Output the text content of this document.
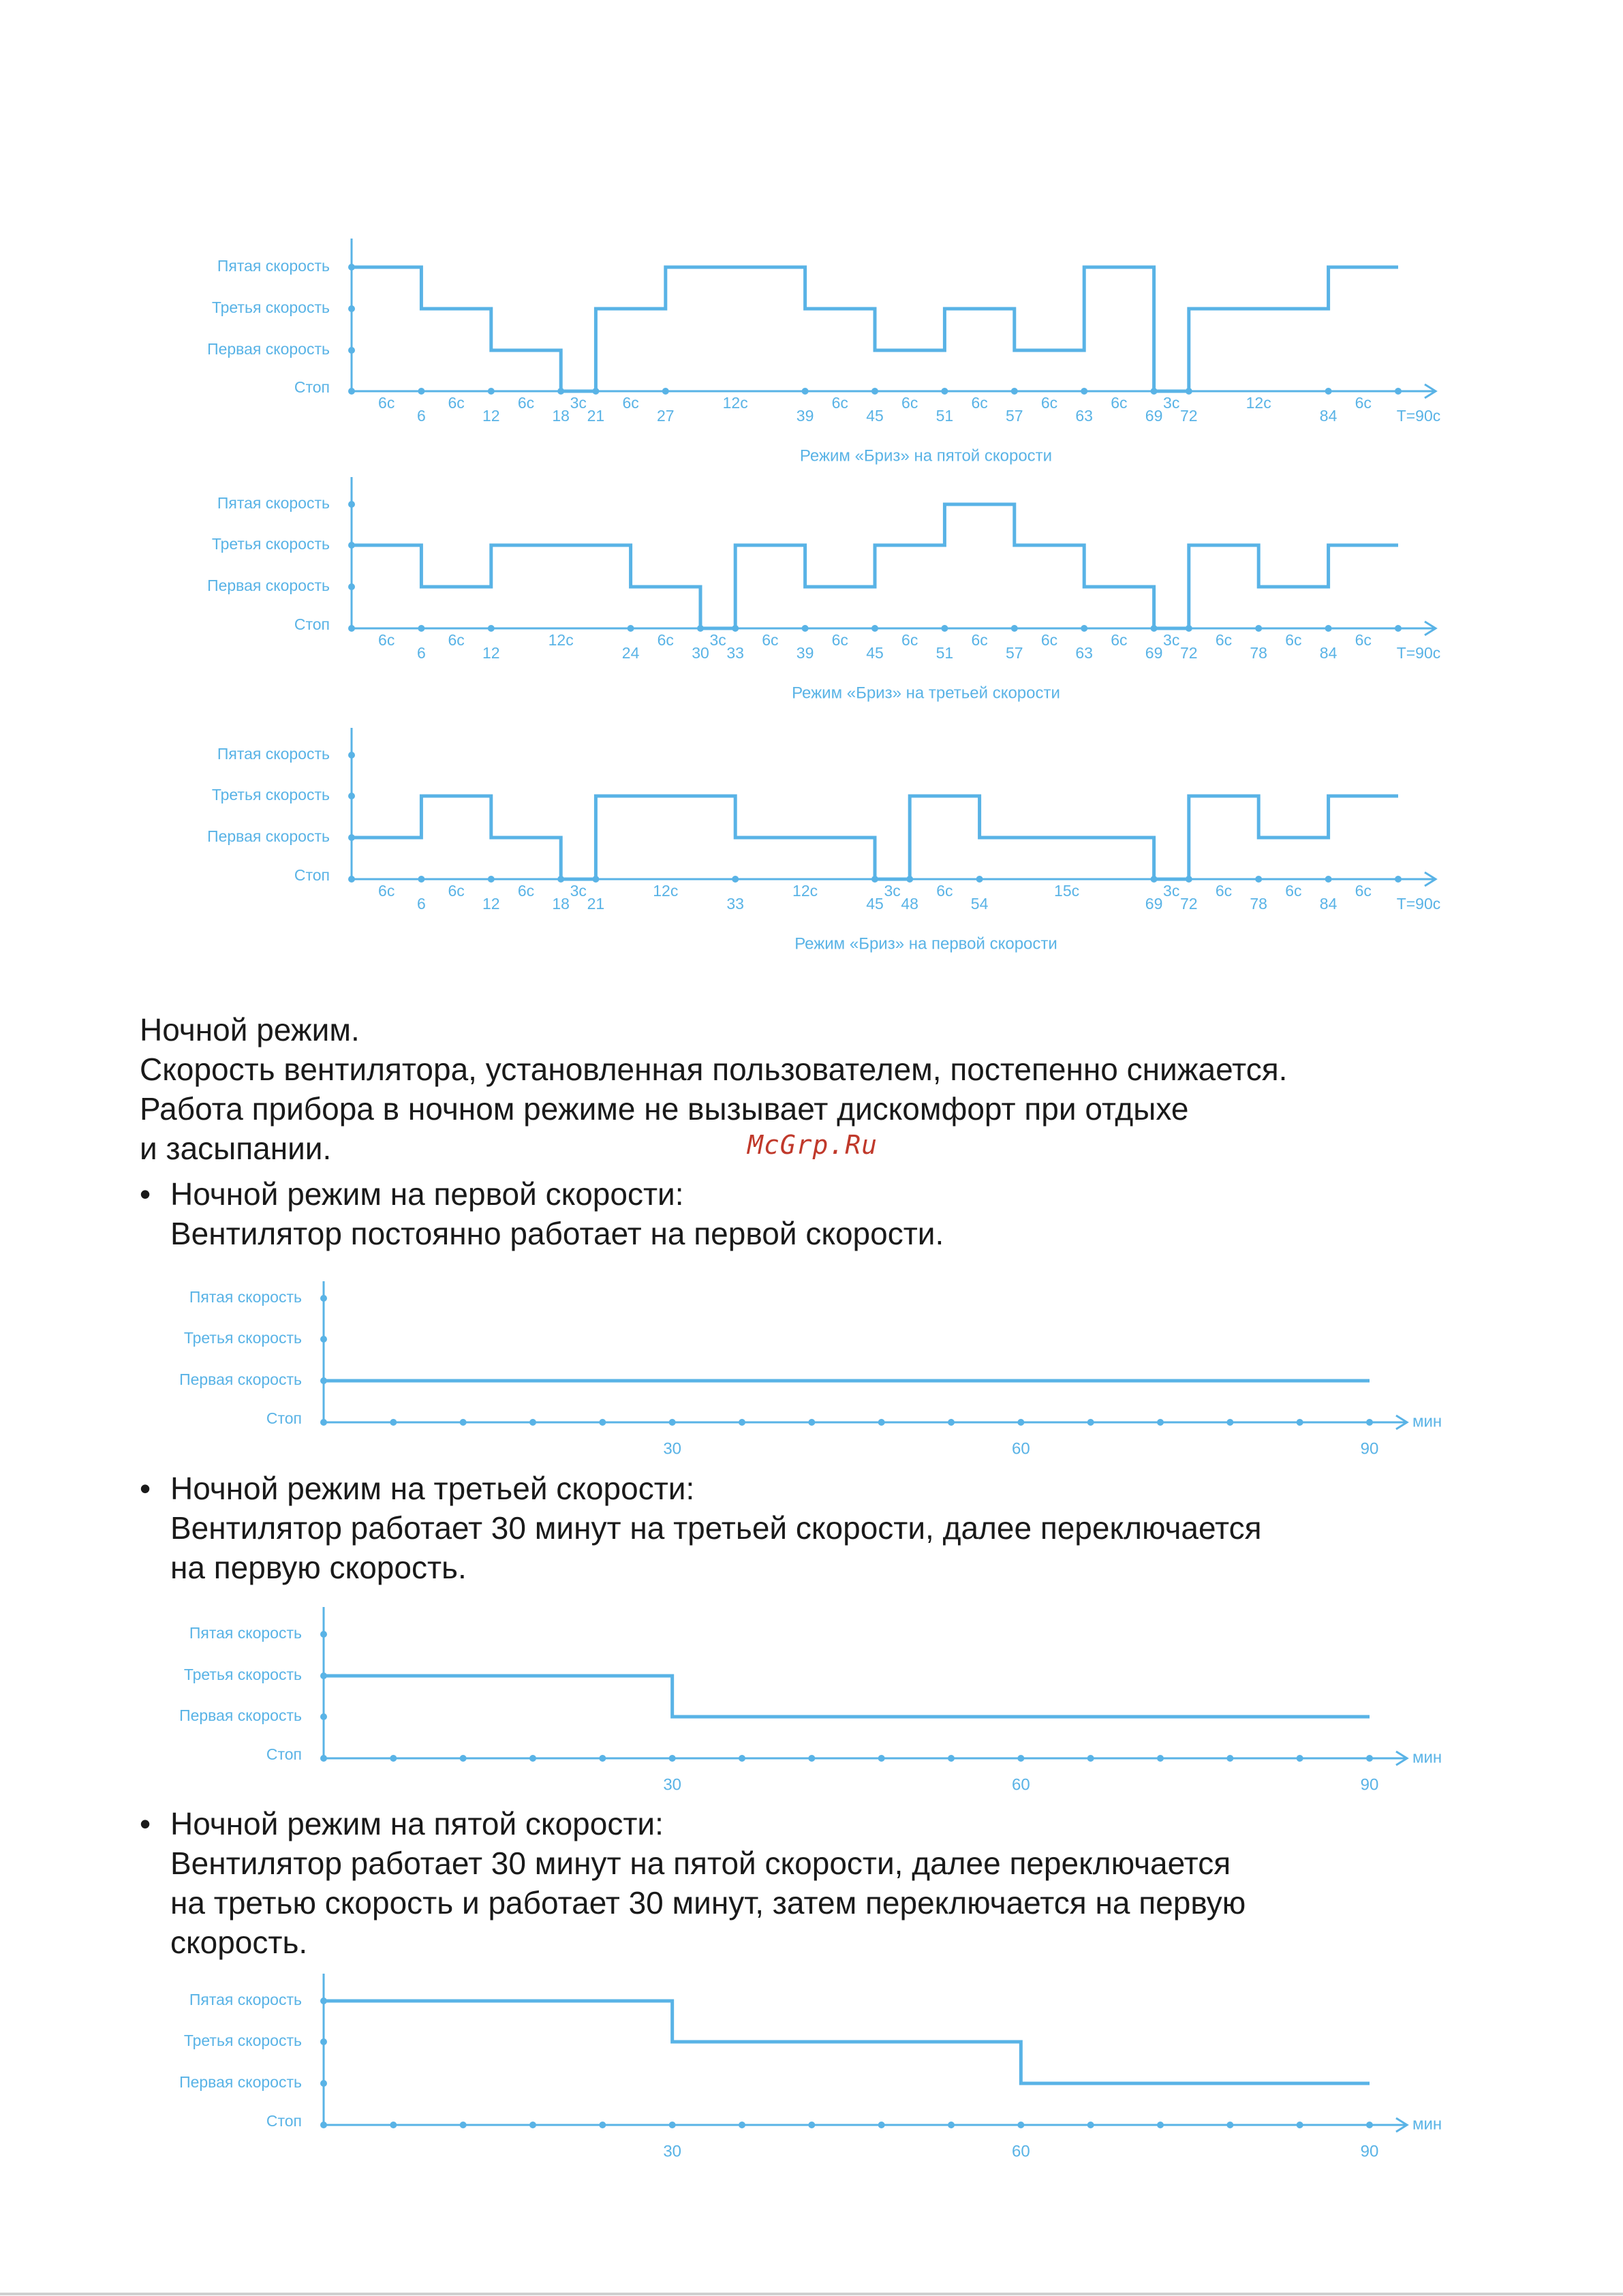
Стоп
Первая скорость
Третья скорость
Пятая скорость
6	12	18 21	27	39	45	51	57	63	69 72	84	Т=90с
6с	6с	6с 3с 6с	12с	6с	6с	6с	6с	6с 3с	12с	6с
Режим «Бриз» на пятой скорости
Стоп
Первая скорость
Третья скорость
Пятая скорость
6	12	24	30 33	39	45	51	57	63	69 72	78	84	Т=90с
6с	6с	12с	6с 3с 6с	6с	6с	6с	6с	6с 3с 6с	6с	6с
Режим «Бриз» на третьей скорости
Стоп
Первая скорость
Третья скорость
Пятая скорость
6	12	18 21	33	45 48	54	69 72	78	84	Т=90с
6с	6с	6с 3с	12с	12с	3с 6с	15с	3с 6с	6с	6с
Режим «Бриз» на первой скорости
Стоп
Первая скорость
Третья скорость
Пятая скорость
30	60	90
мин
Стоп
Первая скорость
Третья скорость
Пятая скорость
30	60	90
мин
Стоп
Первая скорость
Третья скорость
Пятая скорость
30	60	90
мин

Ночной режим.

Скорость вентилятора, установленная пользователем, постепенно снижается.

Работа прибора в ночном режиме не вызывает дискомфорт при отдыхе

и засыпании.	McGrp.Ru
• Ночной режим на первой скорости:

Вентилятор постоянно работает на первой скорости.

• Ночной режим на третьей скорости:

Вентилятор работает 30 минут на третьей скорости, далее переключается

на первую скорость.

• Ночной режим на пятой скорости:

Вентилятор работает 30 минут на пятой скорости, далее переключается

на третью скорость и работает 30 минут, затем переключается на первую

скорость.
